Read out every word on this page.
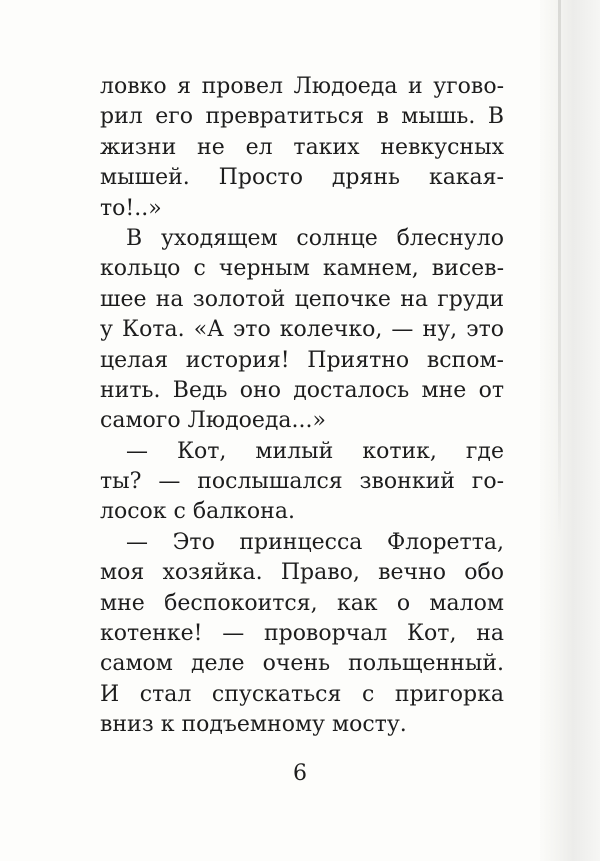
ловко я провел Людоеда и угово-
рил его превратиться в мышь. В
жизни не ел таких невкусных
мышей. Просто дрянь какая-
то!..»
В уходящем солнце блеснуло
кольцо с черным камнем, висев-
шее на золотой цепочке на груди
у Кота. «А это колечко, — ну, это
целая история! Приятно вспом-
нить. Ведь оно досталось мне от
самого Людоеда...»
— Кот, милый котик, где
ты? — послышался звонкий го-
лосок с балкона.
— Это принцесса Флоретта,
моя хозяйка. Право, вечно обо
мне беспокоится, как о малом
котенке! — проворчал Кот, на
самом деле очень польщенный.
И стал спускаться с пригорка
вниз к подъемному мосту.
6
